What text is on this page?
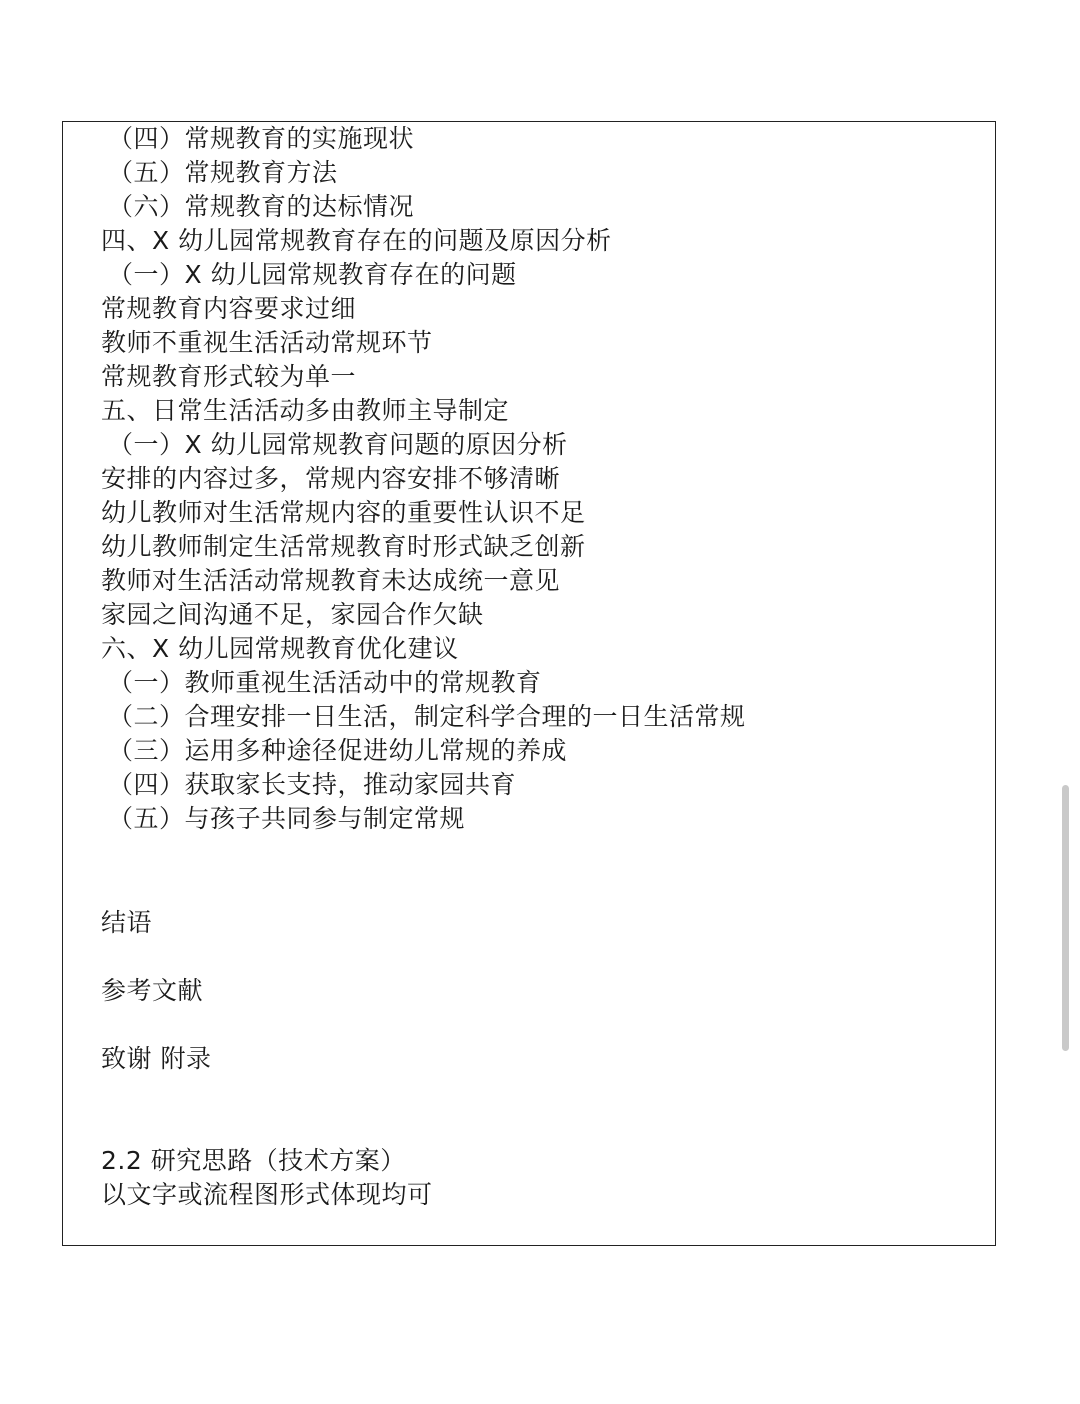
（四）常规教育的实施现状
（五）常规教育方法
（六）常规教育的达标情况
四、X 幼儿园常规教育存在的问题及原因分析
（一）X 幼儿园常规教育存在的问题
常规教育内容要求过细
教师不重视生活活动常规环节
常规教育形式较为单一
五、日常生活活动多由教师主导制定
（一）X 幼儿园常规教育问题的原因分析
安排的内容过多，常规内容安排不够清晰
幼儿教师对生活常规内容的重要性认识不足
幼儿教师制定生活常规教育时形式缺乏创新
教师对生活活动常规教育未达成统一意见
家园之间沟通不足，家园合作欠缺
六、X 幼儿园常规教育优化建议
（一）教师重视生活活动中的常规教育
（二）合理安排一日生活，制定科学合理的一日生活常规
（三）运用多种途径促进幼儿常规的养成
（四）获取家长支持，推动家园共育
（五）与孩子共同参与制定常规
结语
参考文献
致谢 附录
2.2 研究思路（技术方案）
以文字或流程图形式体现均可
